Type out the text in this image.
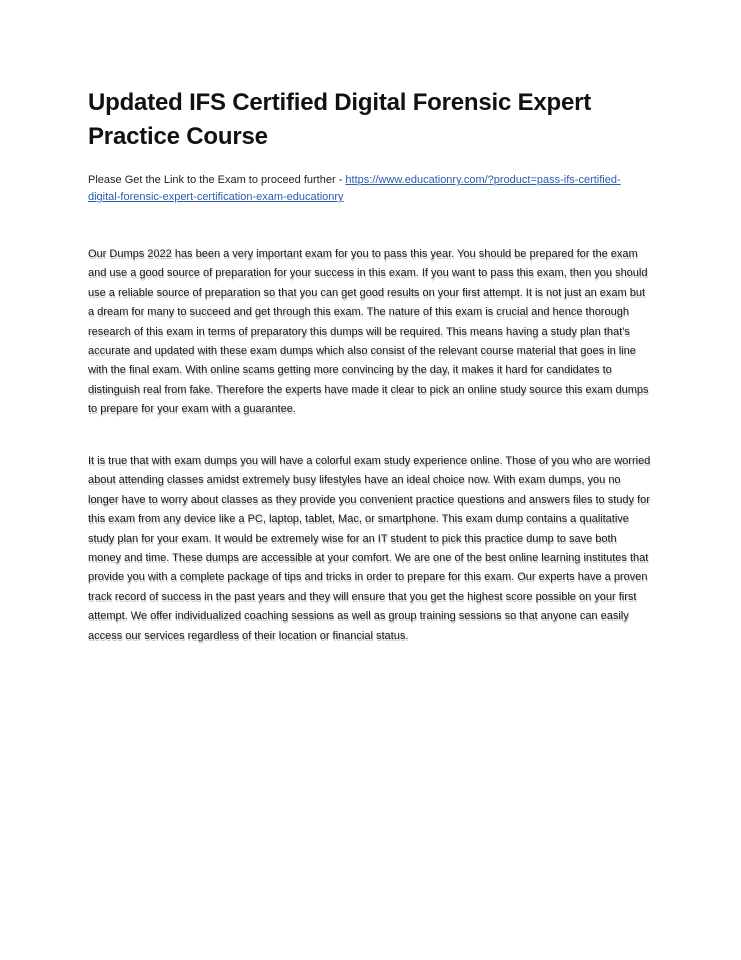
Updated IFS Certified Digital Forensic Expert Practice Course

Please Get the Link to the Exam to proceed further - https://www.educationry.com/?product=pass-ifs-certified-digital-forensic-expert-certification-exam-educationry

Our Dumps 2022 has been a very important exam for you to pass this year. You should be prepared for the exam and use a good source of preparation for your success in this exam. If you want to pass this exam, then you should use a reliable source of preparation so that you can get good results on your first attempt. It is not just an exam but a dream for many to succeed and get through this exam. The nature of this exam is crucial and hence thorough research of this exam in terms of preparatory this dumps will be required. This means having a study plan that’s accurate and updated with these exam dumps which also consist of the relevant course material that goes in line with the final exam. With online scams getting more convincing by the day, it makes it hard for candidates to distinguish real from fake. Therefore the experts have made it clear to pick an online study source this exam dumps to prepare for your exam with a guarantee.

It is true that with exam dumps you will have a colorful exam study experience online. Those of you who are worried about attending classes amidst extremely busy lifestyles have an ideal choice now. With exam dumps, you no longer have to worry about classes as they provide you convenient practice questions and answers files to study for this exam from any device like a PC, laptop, tablet, Mac, or smartphone. This exam dump contains a qualitative study plan for your exam. It would be extremely wise for an IT student to pick this practice dump to save both money and time. These dumps are accessible at your comfort. We are one of the best online learning institutes that provide you with a complete package of tips and tricks in order to prepare for this exam. Our experts have a proven track record of success in the past years and they will ensure that you get the highest score possible on your first attempt. We offer individualized coaching sessions as well as group training sessions so that anyone can easily access our services regardless of their location or financial status.
